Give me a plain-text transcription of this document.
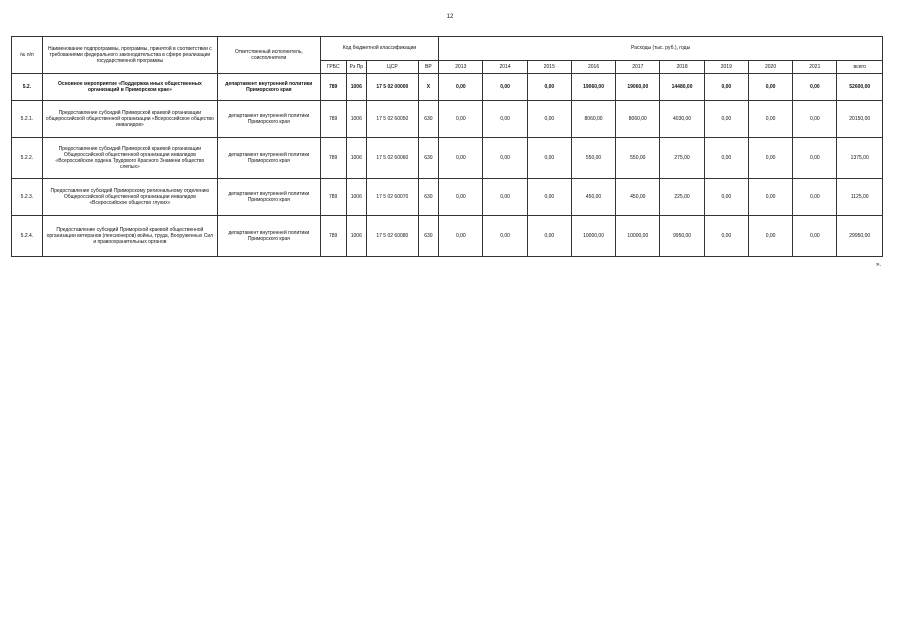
12
№ п/п	Наименование подпрограммы, программы, принятой в соответствии с требованиями федерального законодательства в сфере реализации государственной программы	Ответственный исполнитель, соисполнители	Код бюджетной классификации				Расходы (тыс. руб.), годы									
			ГРБС	Рз Пр	ЦСР	ВР	2013	2014	2015	2016	2017	2018	2019	2020	2021	всего
5.2.	Основное мероприятие «Поддержка иных общественных организаций в Приморском крае»	департамент внутренней политики Приморского края	789	1006	17 5 02 00000	Х	0,00	0,00	0,00	19060,00	19060,00	14480,00	0,00	0,00	0,00	52600,00
5.2.1.	Предоставление субсидий Приморской краевой организации общероссийской общественной организации «Всероссийское общество инвалидов»	департамент внутренней политики Приморского края	789	1006	17 5 02 60050	630	0,00	0,00	0,00	8060,00	8060,00	4030,00	0,00	0,00	0,00	20150,00
5.2.2.	Предоставление субсидий Приморской краевой организации Общероссийской общественной организации инвалидов «Всероссийское ордена Трудового Красного Знамени общество слепых»	департамент внутренней политики Приморского края	789	1006	17 5 02 60060	630	0,00	0,00	0,00	550,00	550,00	275,00	0,00	0,00	0,00	1375,00
5.2.3.	Предоставление субсидий Приморскому региональному отделению Общероссийской общественной организации инвалидов «Всероссийское общество глухих»	департамент внутренней политики Приморского края	789	1006	17 5 02 60070	630	0,00	0,00	0,00	450,00	450,00	225,00	0,00	0,00	0,00	1125,00
5.2.4.	Предоставление субсидий Приморской краевой общественной организации ветеранов (пенсионеров) войны, труда, Вооруженных Сил и правоохранительных органов	департамент внутренней политики Приморского края	789	1006	17 5 02 60080	630	0,00	0,00	0,00	10000,00	10000,00	9950,00	0,00	0,00	0,00	29950,00
».
